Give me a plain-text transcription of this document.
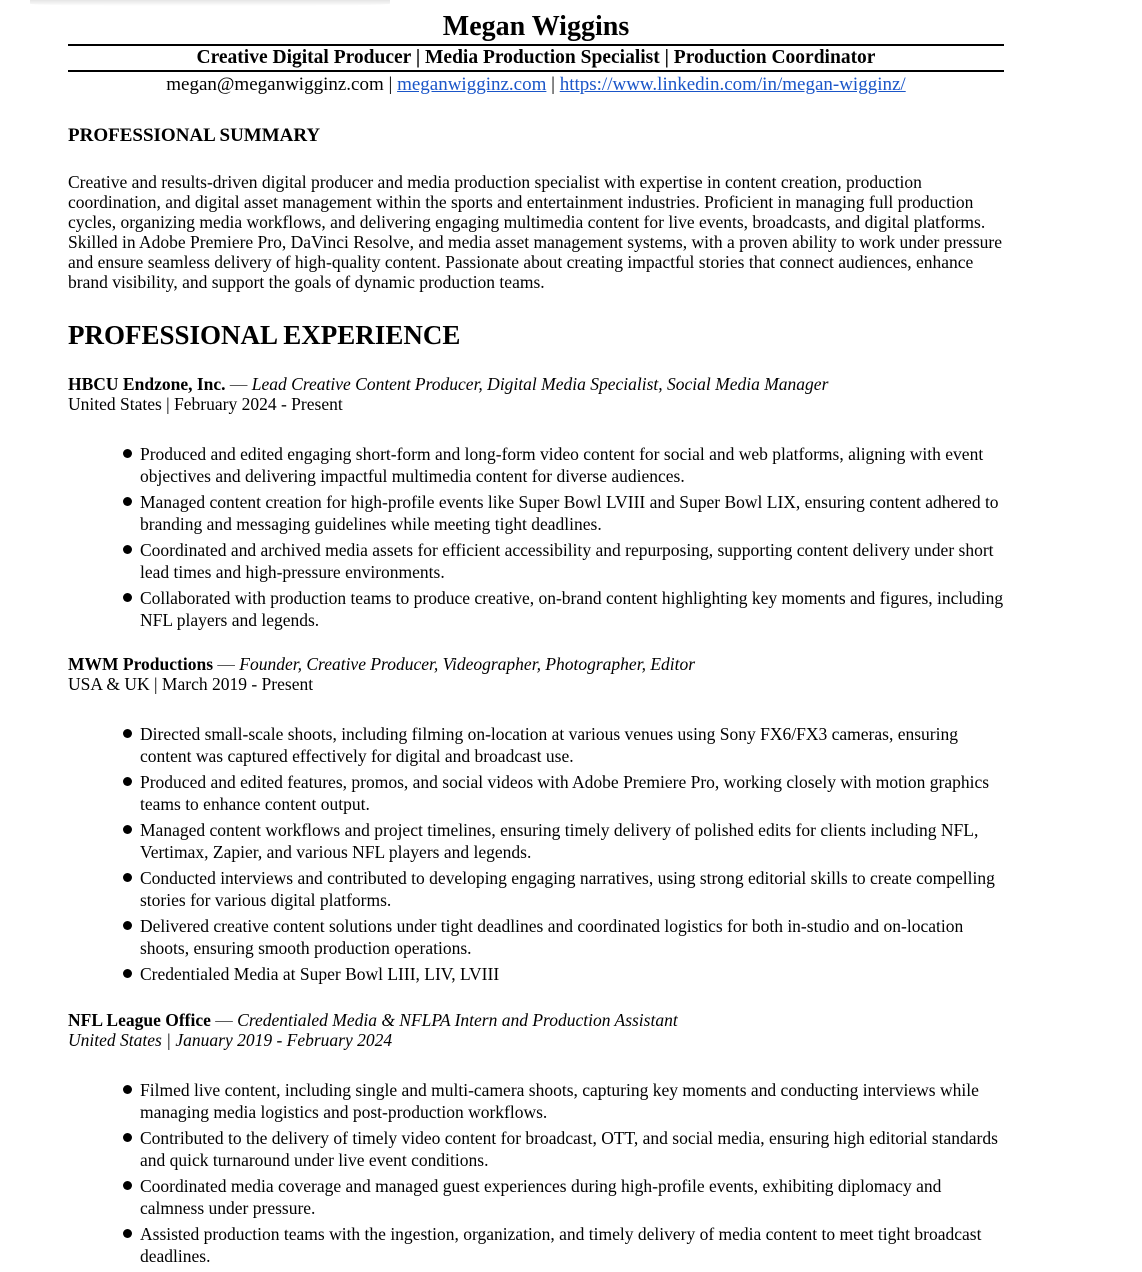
Megan Wiggins
Creative Digital Producer | Media Production Specialist | Production Coordinator
megan@meganwigginz.com | meganwigginz.com | https://www.linkedin.com/in/megan-wigginz/
PROFESSIONAL SUMMARY

Creative and results-driven digital producer and media production specialist with expertise in content creation, production coordination, and digital asset management within the sports and entertainment industries. Proficient in managing full production cycles, organizing media workflows, and delivering engaging multimedia content for live events, broadcasts, and digital platforms. Skilled in Adobe Premiere Pro, DaVinci Resolve, and media asset management systems, with a proven ability to work under pressure and ensure seamless delivery of high-quality content. Passionate about creating impactful stories that connect audiences, enhance brand visibility, and support the goals of dynamic production teams.

PROFESSIONAL EXPERIENCE
HBCU Endzone, Inc. — Lead Creative Content Producer, Digital Media Specialist, Social Media Manager
United States | February 2024 - Present
Produced and edited engaging short-form and long-form video content for social and web platforms, aligning with event objectives and delivering impactful multimedia content for diverse audiences.
Managed content creation for high-profile events like Super Bowl LVIII and Super Bowl LIX, ensuring content adhered to branding and messaging guidelines while meeting tight deadlines.
Coordinated and archived media assets for efficient accessibility and repurposing, supporting content delivery under short lead times and high-pressure environments.
Collaborated with production teams to produce creative, on-brand content highlighting key moments and figures, including NFL players and legends.
MWM Productions — Founder, Creative Producer, Videographer, Photographer, Editor
USA & UK | March 2019 - Present
Directed small-scale shoots, including filming on-location at various venues using Sony FX6/FX3 cameras, ensuring content was captured effectively for digital and broadcast use.
Produced and edited features, promos, and social videos with Adobe Premiere Pro, working closely with motion graphics teams to enhance content output.
Managed content workflows and project timelines, ensuring timely delivery of polished edits for clients including NFL, Vertimax, Zapier, and various NFL players and legends.
Conducted interviews and contributed to developing engaging narratives, using strong editorial skills to create compelling stories for various digital platforms.
Delivered creative content solutions under tight deadlines and coordinated logistics for both in-studio and on-location shoots, ensuring smooth production operations.
Credentialed Media at Super Bowl LIII, LIV, LVIII
NFL League Office — Credentialed Media & NFLPA Intern and Production Assistant
United States | January 2019 - February 2024
Filmed live content, including single and multi-camera shoots, capturing key moments and conducting interviews while managing media logistics and post-production workflows.
Contributed to the delivery of timely video content for broadcast, OTT, and social media, ensuring high editorial standards and quick turnaround under live event conditions.
Coordinated media coverage and managed guest experiences during high-profile events, exhibiting diplomacy and calmness under pressure.
Assisted production teams with the ingestion, organization, and timely delivery of media content to meet tight broadcast deadlines.
